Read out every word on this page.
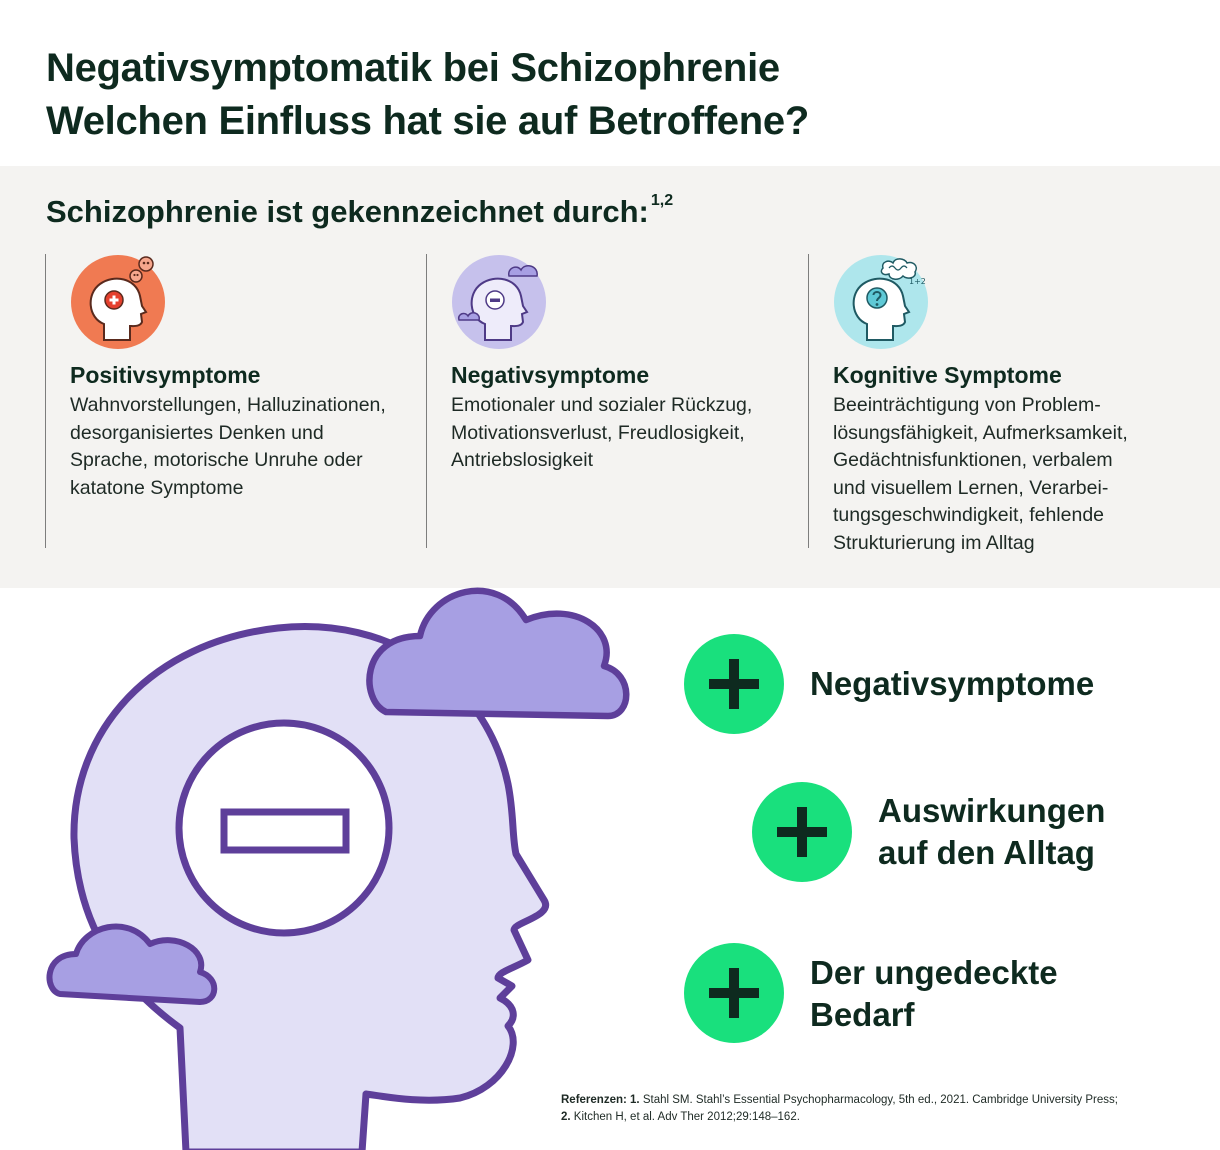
Negativsymptomatik bei Schizophrenie
Welchen Einfluss hat sie auf Betroffene?
Schizophrenie ist gekennzeichnet durch: $^{1,2}$
Positivsymptome
Wahnvorstellungen, Halluzinationen,
desorganisiertes Denken und
Sprache, motorische Unruhe oder
katatone Symptome
Negativsymptome
Emotionaler und sozialer Rückzug,
Motivationsverlust, Freudlosigkeit,
Antriebslosigkeit
1+2
Kognitive Symptome
Beeinträchtigung von Problem-
lösungsfähigkeit, Aufmerksamkeit,
Gedächtnisfunktionen, verbalem
und visuellem Lernen, Verarbei-
tungsgeschwindigkeit, fehlende
Strukturierung im Alltag
Negativsymptome
Auswirkungen
auf den Alltag
Der ungedeckte
Bedarf
Referenzen: 1. Stahl SM. Stahl’s Essential Psychopharmacology, 5th ed., 2021. Cambridge University Press;
2. Kitchen H, et al. Adv Ther 2012;29:148–162.
